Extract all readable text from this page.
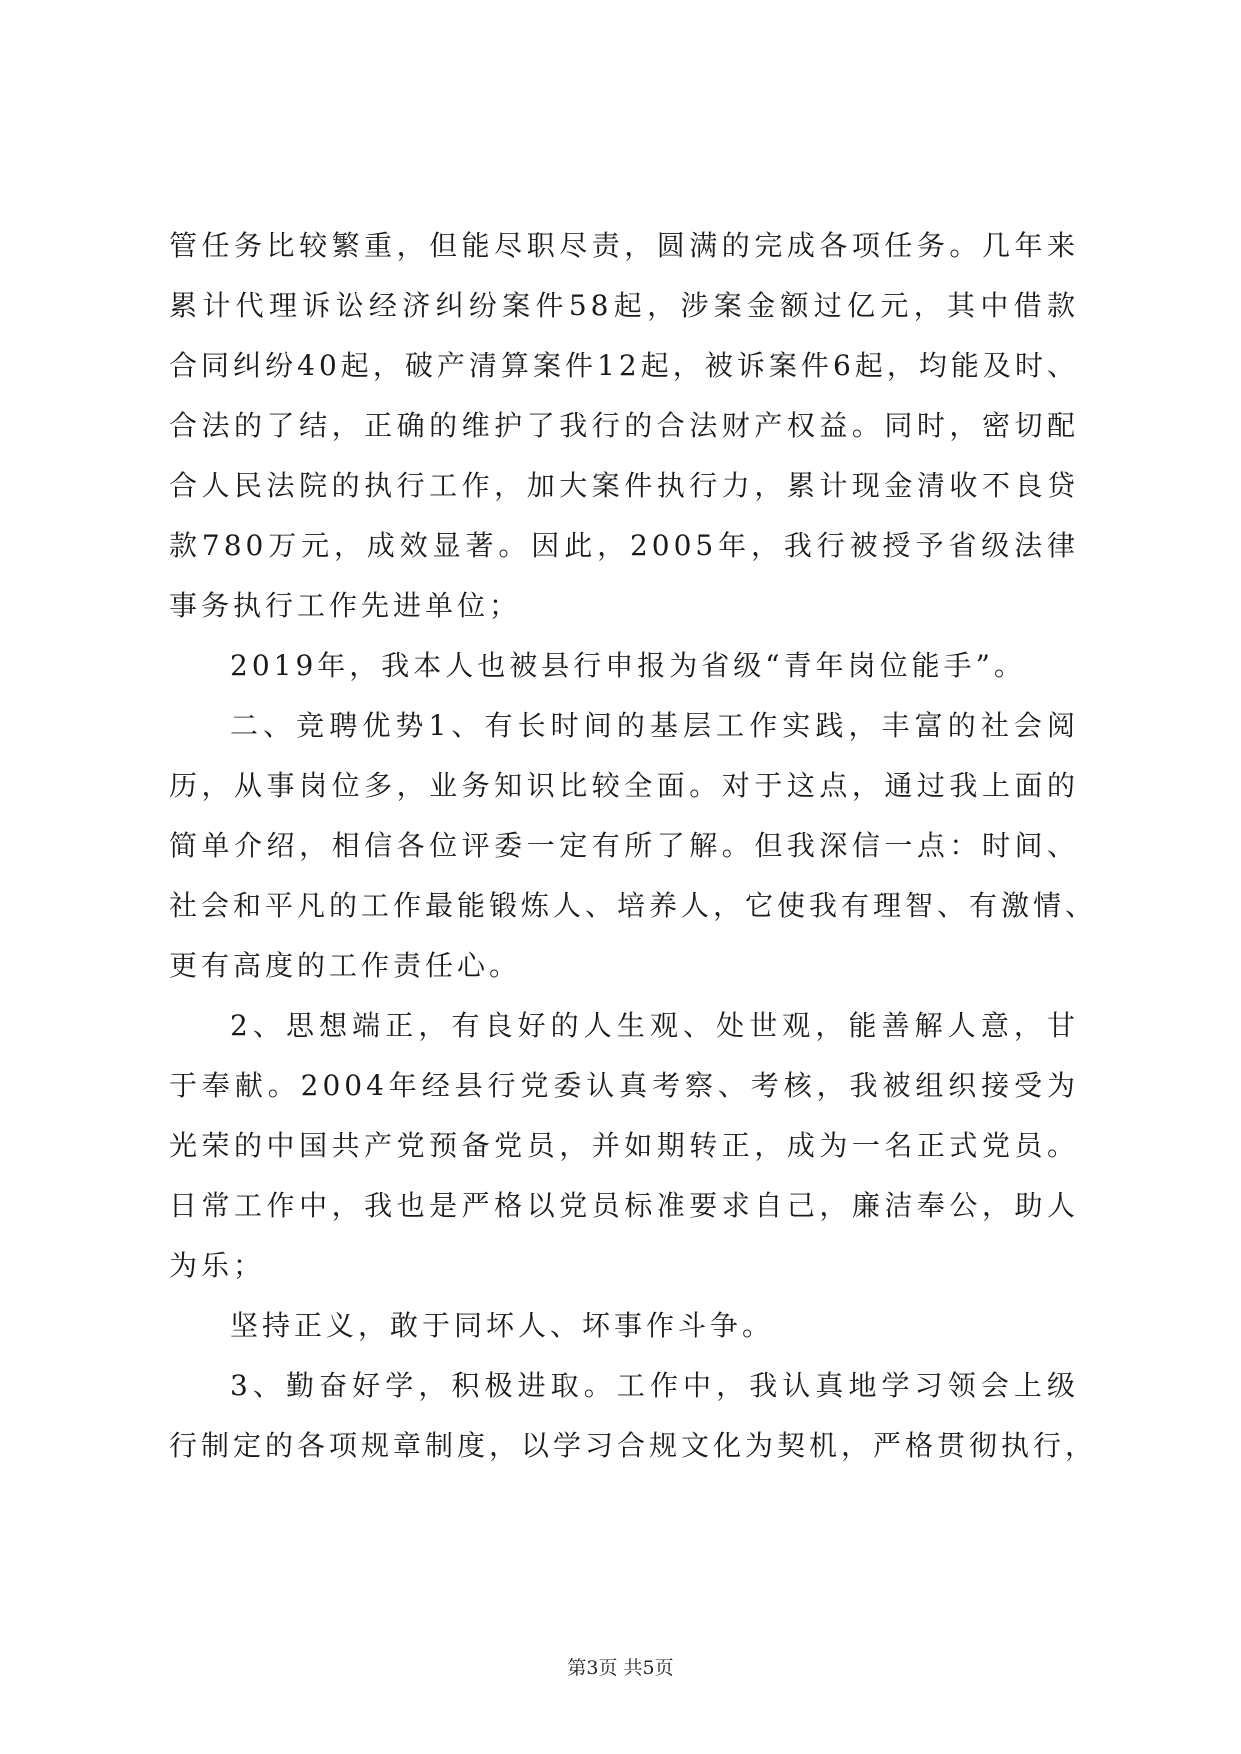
管任务比较繁重，但能尽职尽责，圆满的完成各项任务。几年来
累计代理诉讼经济纠纷案件58起，涉案金额过亿元，其中借款
合同纠纷40起，破产清算案件12起，被诉案件6起，均能及时、
合法的了结，正确的维护了我行的合法财产权益。同时，密切配
合人民法院的执行工作，加大案件执行力，累计现金清收不良贷
款780万元，成效显著。因此，2005年，我行被授予省级法律
事务执行工作先进单位；
2019年，我本人也被县行申报为省级“青年岗位能手”。
二、竞聘优势1、有长时间的基层工作实践，丰富的社会阅
历，从事岗位多，业务知识比较全面。对于这点，通过我上面的
简单介绍，相信各位评委一定有所了解。但我深信一点：时间、
社会和平凡的工作最能锻炼人、培养人，它使我有理智、有激情、
更有高度的工作责任心。
2、思想端正，有良好的人生观、处世观，能善解人意，甘
于奉献。2004年经县行党委认真考察、考核，我被组织接受为
光荣的中国共产党预备党员，并如期转正，成为一名正式党员。
日常工作中，我也是严格以党员标准要求自己，廉洁奉公，助人
为乐；
坚持正义，敢于同坏人、坏事作斗争。
3、勤奋好学，积极进取。工作中，我认真地学习领会上级
行制定的各项规章制度，以学习合规文化为契机，严格贯彻执行，
第3页 共5页
